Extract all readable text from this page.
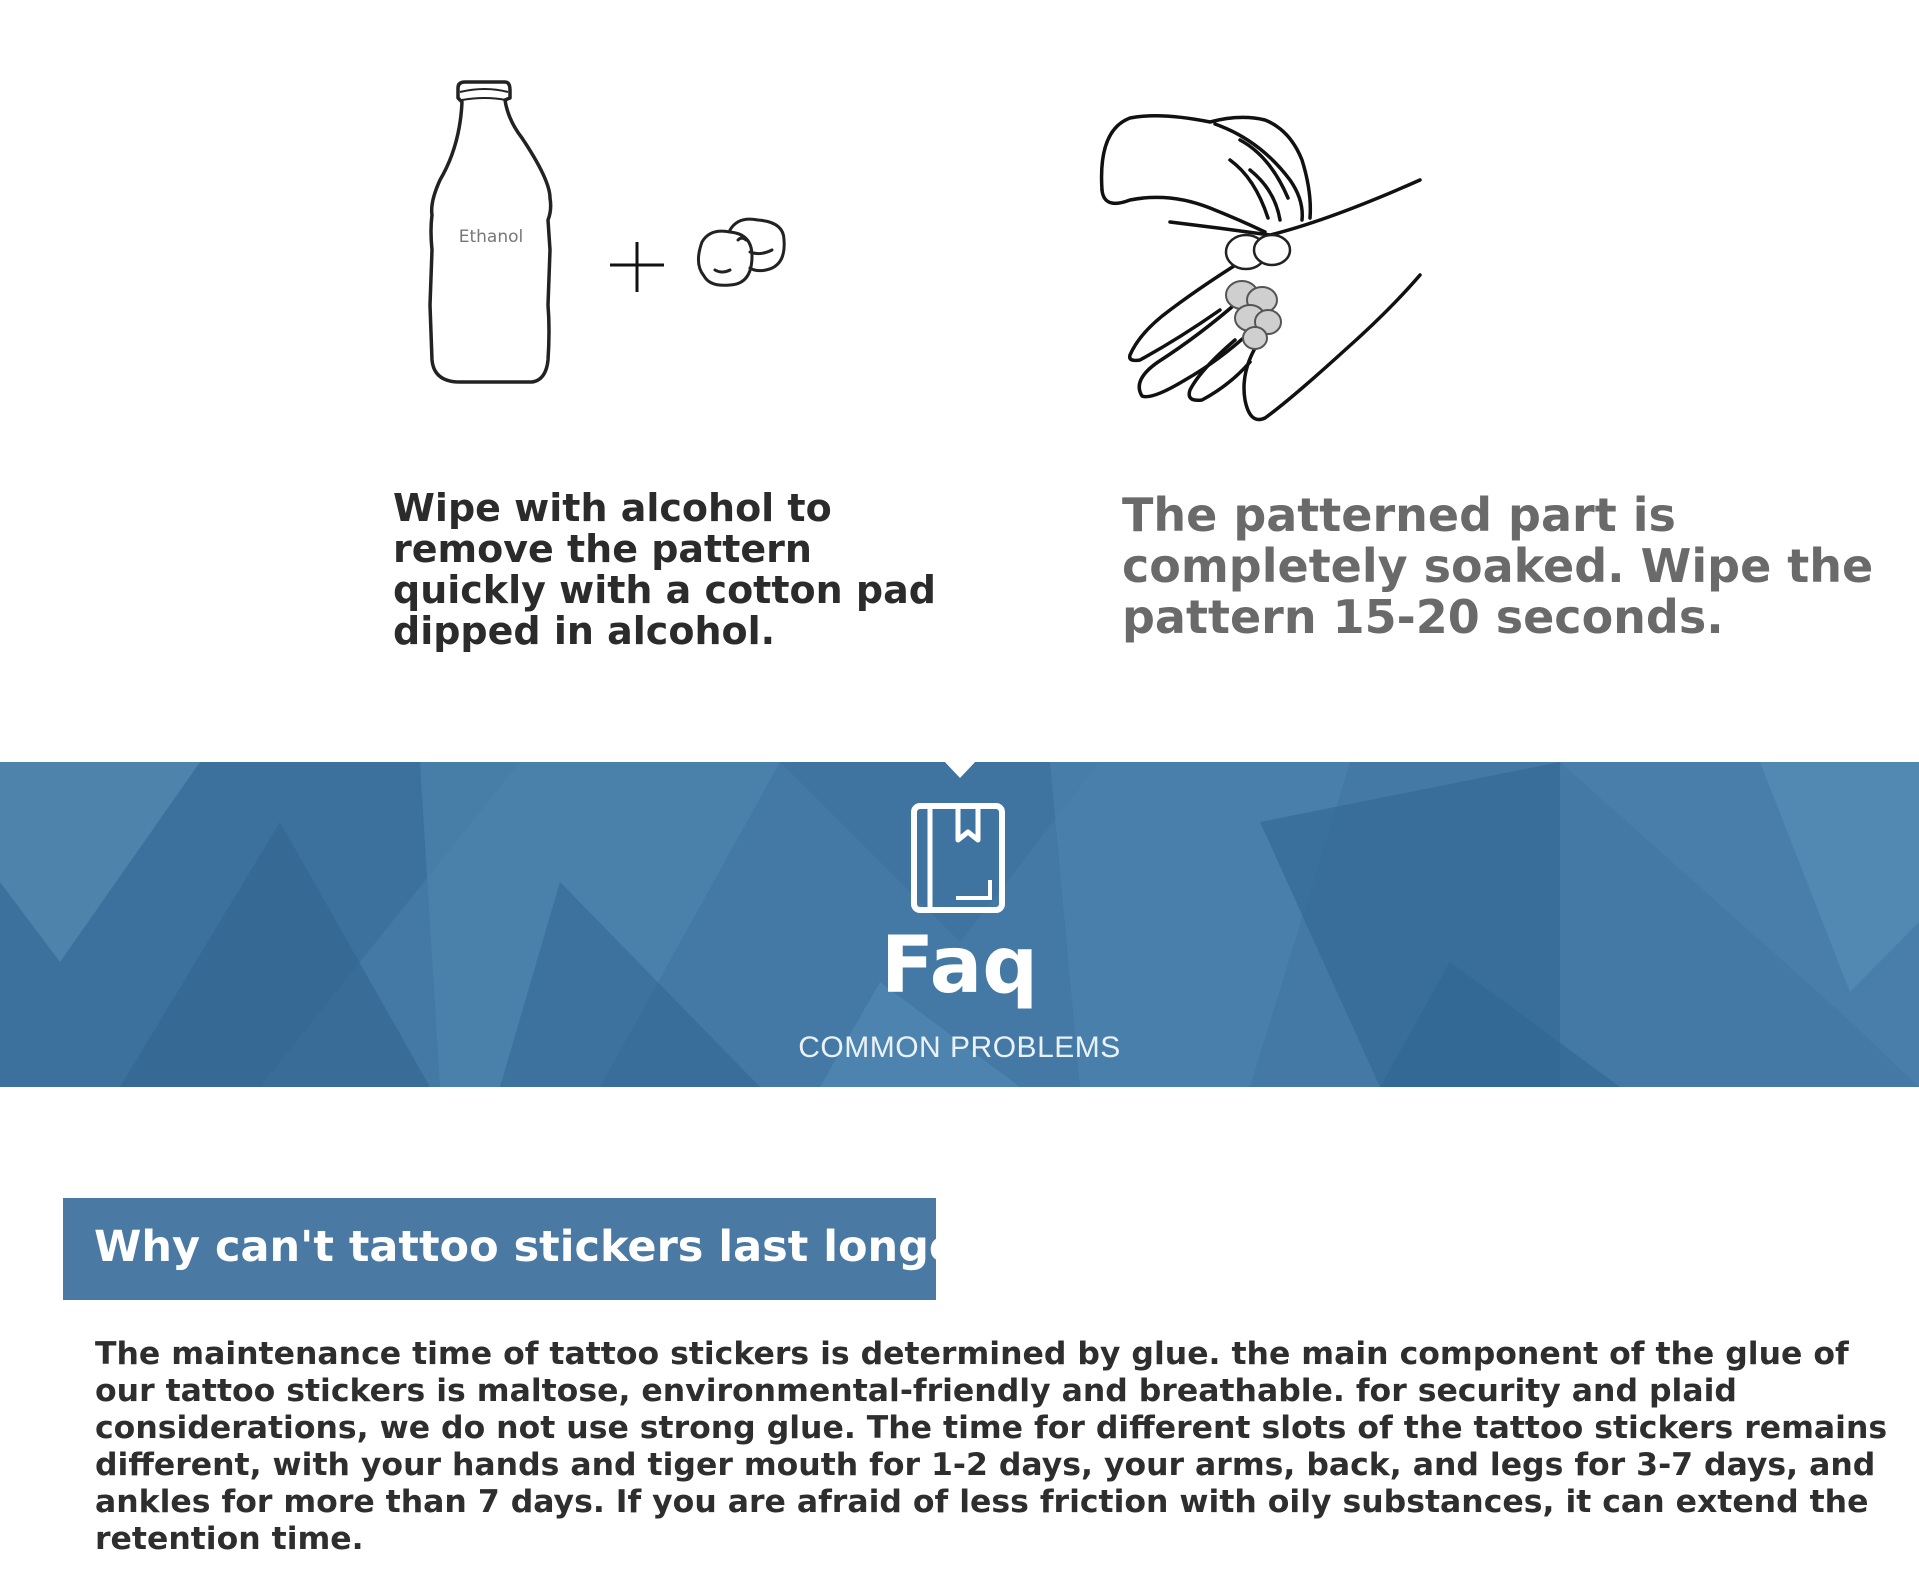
Ethanol
Wipe with alcohol to remove the pattern quickly with a cotton pad dipped in alcohol.
The patterned part is completely soaked. Wipe the pattern 15-20 seconds.
Faq
COMMON PROBLEMS
Why can't tattoo stickers last longer?

The maintenance time of tattoo stickers is determined by glue. the main component of the glue of our tattoo stickers is maltose, environmental-friendly and breathable. for security and plaid considerations, we do not use strong glue. The time for different slots of the tattoo stickers remains different, with your hands and tiger mouth for 1-2 days, your arms, back, and legs for 3-7 days, and ankles for more than 7 days. If you are afraid of less friction with oily substances, it can extend the retention time.
